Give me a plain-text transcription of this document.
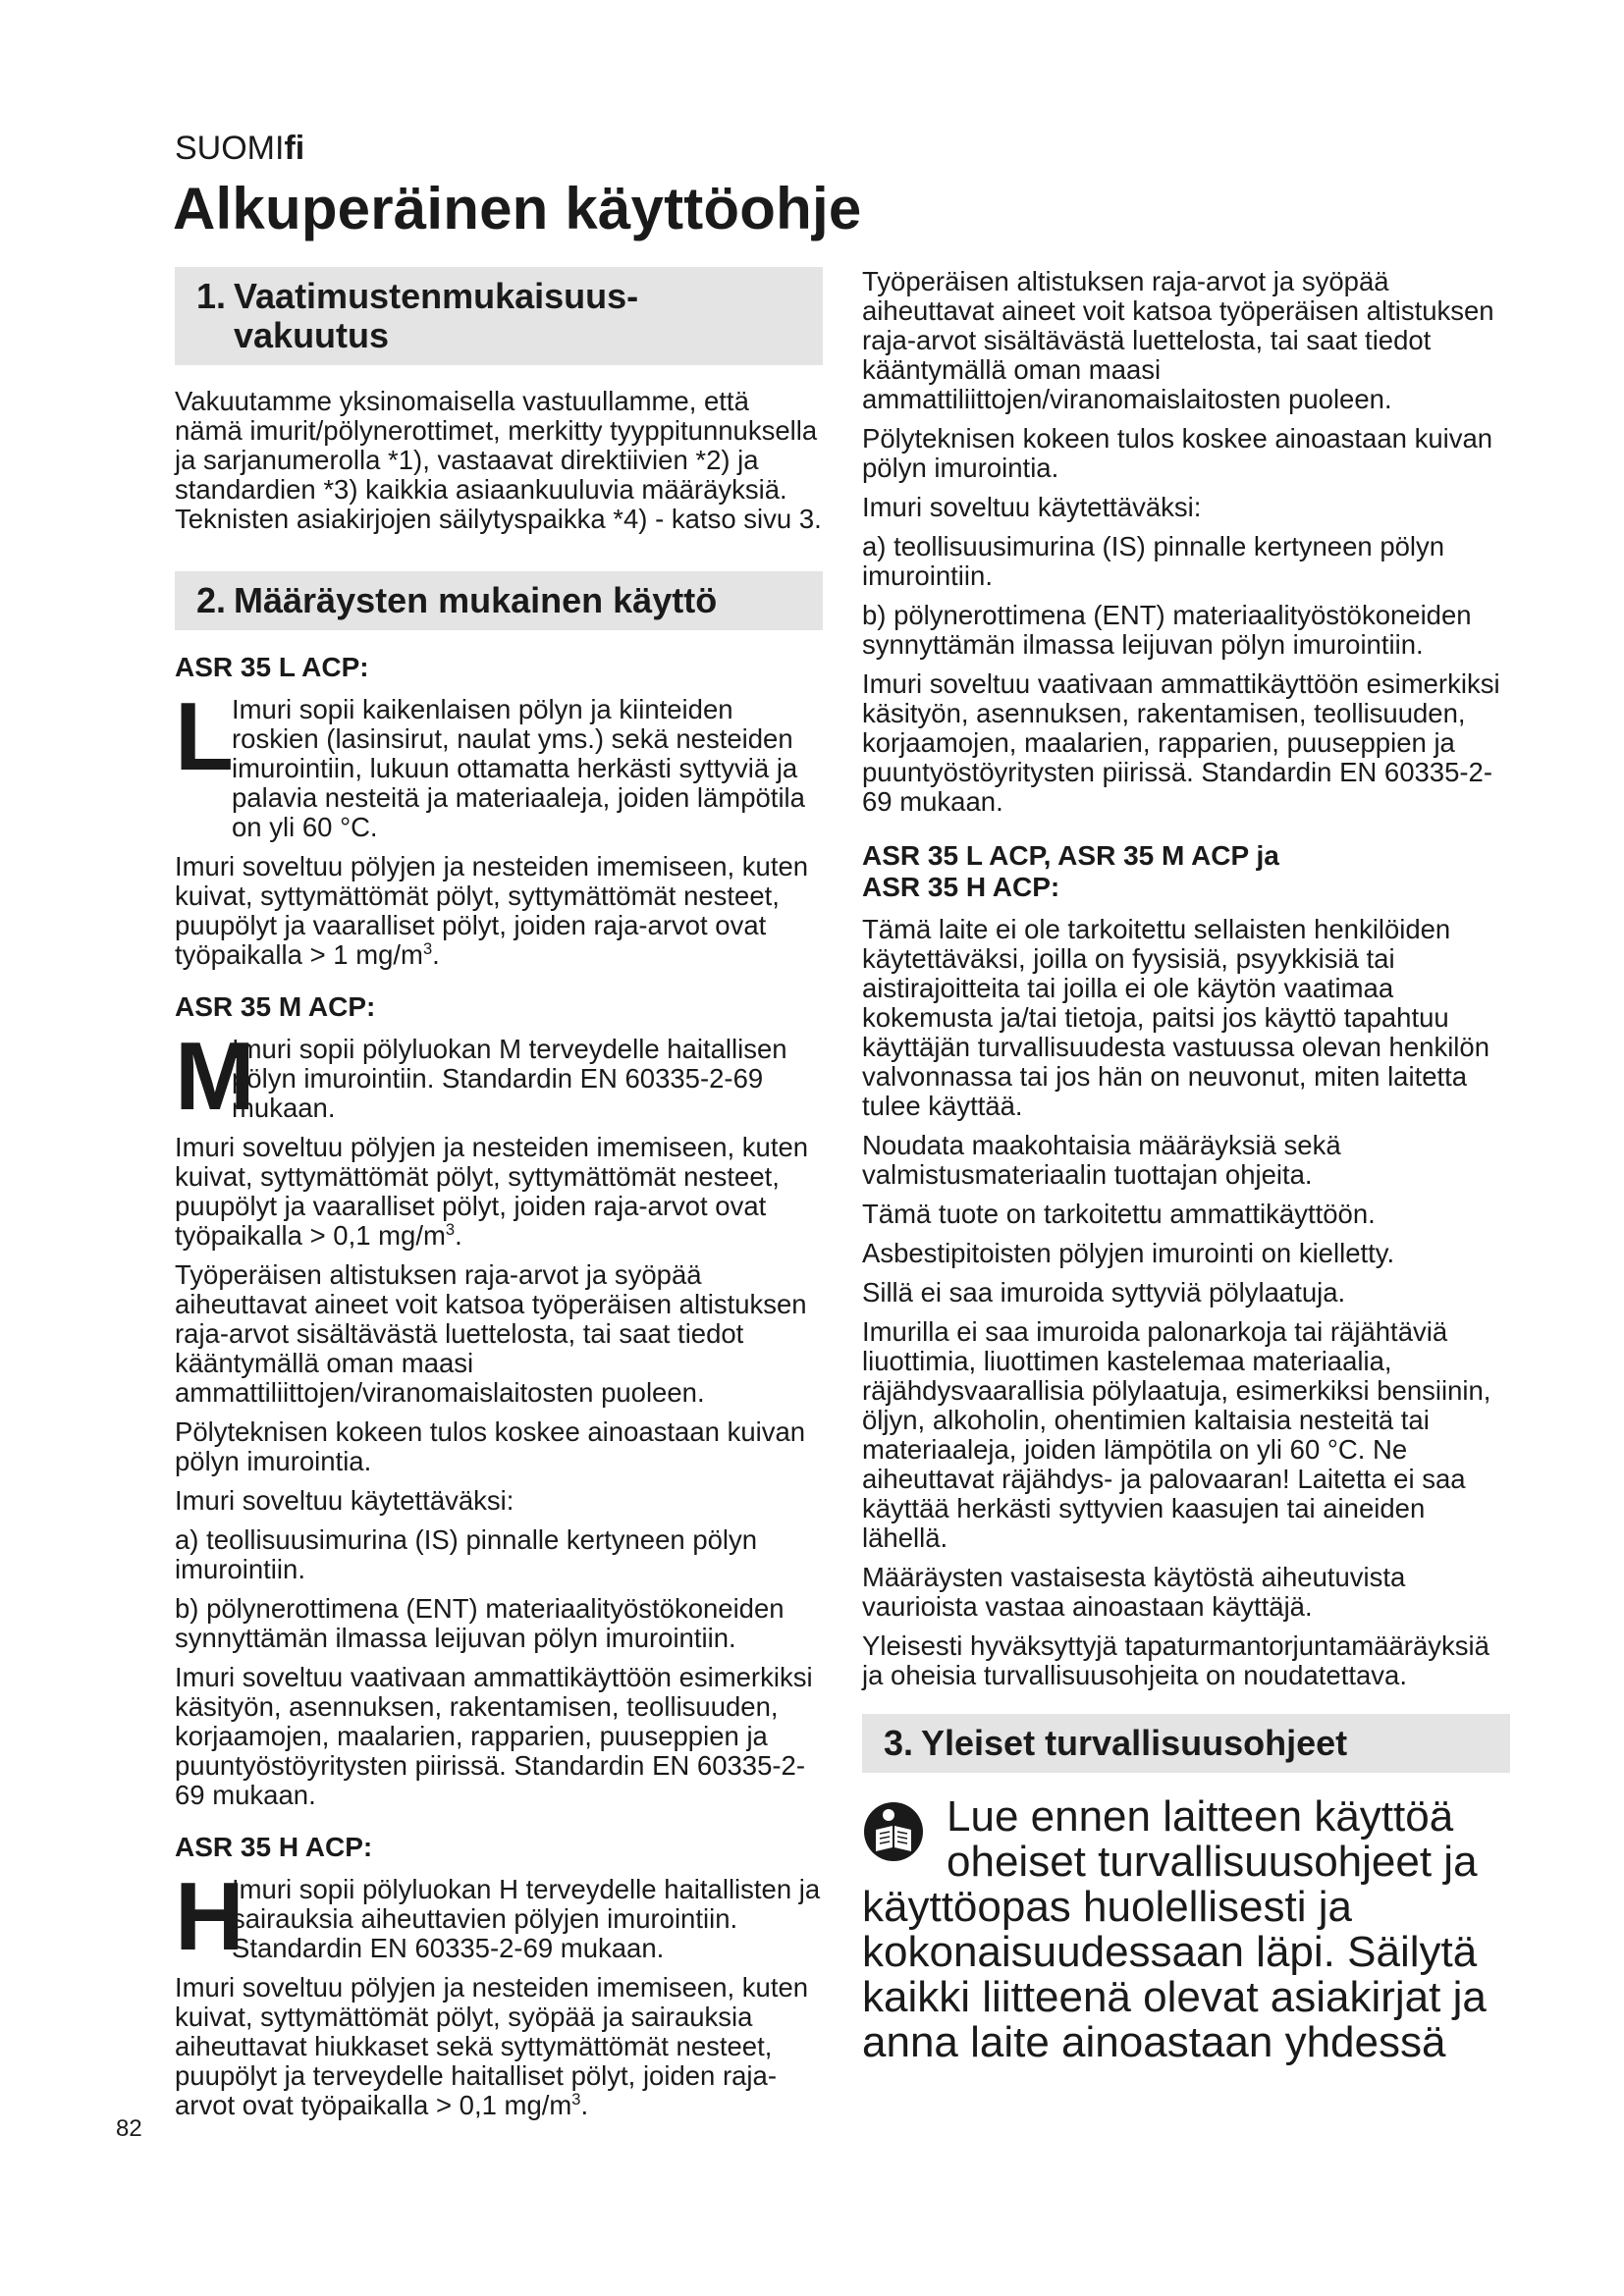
SUOMIfi
Alkuperäinen käyttöohje
1. Vaatimustenmukaisuus-
vakuutus

Vakuutamme yksinomaisella vastuullamme, että nämä imurit/pölynerottimet, merkitty tyyppitunnuksella ja sarjanumerolla *1), vastaavat direktiivien *2) ja standardien *3) kaikkia asiaankuuluvia määräyksiä. Teknisten asiakirjojen säilytyspaikka *4) - katso sivu 3.

2. Määräysten mukainen käyttö
ASR 35 L ACP:
L
Imuri sopii kaikenlaisen pölyn ja kiinteiden roskien (lasinsirut, naulat yms.) sekä nesteiden imurointiin, lukuun ottamatta herkästi syttyviä ja palavia nesteitä ja materiaaleja, joiden lämpötila on yli 60 °C.

Imuri soveltuu pölyjen ja nesteiden imemiseen, kuten kuivat, syttymättömät pölyt, syttymättömät nesteet, puupölyt ja vaaralliset pölyt, joiden raja-arvot ovat työpaikalla > 1 $mg/m^3$.

ASR 35 M ACP:
M
Imuri sopii pölyluokan M terveydelle haitallisen pölyn imurointiin. Standardin EN 60335-2-69 mukaan.

Imuri soveltuu pölyjen ja nesteiden imemiseen, kuten kuivat, syttymättömät pölyt, syttymättömät nesteet, puupölyt ja vaaralliset pölyt, joiden raja-arvot ovat työpaikalla > 0,1 $mg/m^3$.

Työperäisen altistuksen raja-arvot ja syöpää aiheuttavat aineet voit katsoa työperäisen altistuksen raja-arvot sisältävästä luettelosta, tai saat tiedot kääntymällä oman maasi ammattiliittojen/viranomaislaitosten puoleen.

Pölyteknisen kokeen tulos koskee ainoastaan kuivan pölyn imurointia.

Imuri soveltuu käytettäväksi:

a) teollisuusimurina (IS) pinnalle kertyneen pölyn imurointiin.

b) pölynerottimena (ENT) materiaalityöstökoneiden synnyttämän ilmassa leijuvan pölyn imurointiin.

Imuri soveltuu vaativaan ammattikäyttöön esimerkiksi käsityön, asennuksen, rakentamisen, teollisuuden, korjaamojen, maalarien, rapparien, puuseppien ja puuntyöstöyritysten piirissä. Standardin EN 60335-2-69 mukaan.

ASR 35 H ACP:
H
Imuri sopii pölyluokan H terveydelle haitallisten ja sairauksia aiheuttavien pölyjen imurointiin. Standardin EN 60335-2-69 mukaan.

Imuri soveltuu pölyjen ja nesteiden imemiseen, kuten kuivat, syttymättömät pölyt, syöpää ja sairauksia aiheuttavat hiukkaset sekä syttymättömät nesteet, puupölyt ja terveydelle haitalliset pölyt, joiden raja-arvot ovat työpaikalla > 0,1 $mg/m^3$.

Työperäisen altistuksen raja-arvot ja syöpää aiheuttavat aineet voit katsoa työperäisen altistuksen raja-arvot sisältävästä luettelosta, tai saat tiedot kääntymällä oman maasi ammattiliittojen/viranomaislaitosten puoleen.

Pölyteknisen kokeen tulos koskee ainoastaan kuivan pölyn imurointia.

Imuri soveltuu käytettäväksi:

a) teollisuusimurina (IS) pinnalle kertyneen pölyn imurointiin.

b) pölynerottimena (ENT) materiaalityöstökoneiden synnyttämän ilmassa leijuvan pölyn imurointiin.

Imuri soveltuu vaativaan ammattikäyttöön esimerkiksi käsityön, asennuksen, rakentamisen, teollisuuden, korjaamojen, maalarien, rapparien, puuseppien ja puuntyöstöyritysten piirissä. Standardin EN 60335-2-69 mukaan.

ASR 35 L ACP, ASR 35 M ACP ja
ASR 35 H ACP:

Tämä laite ei ole tarkoitettu sellaisten henkilöiden käytettäväksi, joilla on fyysisiä, psyykkisiä tai aistirajoitteita tai joilla ei ole käytön vaatimaa kokemusta ja/tai tietoja, paitsi jos käyttö tapahtuu käyttäjän turvallisuudesta vastuussa olevan henkilön valvonnassa tai jos hän on neuvonut, miten laitetta tulee käyttää.

Noudata maakohtaisia määräyksiä sekä valmistusmateriaalin tuottajan ohjeita.

Tämä tuote on tarkoitettu ammattikäyttöön.

Asbestipitoisten pölyjen imurointi on kielletty.

Sillä ei saa imuroida syttyviä pölylaatuja.

Imurilla ei saa imuroida palonarkoja tai räjähtäviä liuottimia, liuottimen kastelemaa materiaalia, räjähdysvaarallisia pölylaatuja, esimerkiksi bensiinin, öljyn, alkoholin, ohentimien kaltaisia nesteitä tai materiaaleja, joiden lämpötila on yli 60 °C. Ne aiheuttavat räjähdys- ja palovaaran! Laitetta ei saa käyttää herkästi syttyvien kaasujen tai aineiden lähellä.

Määräysten vastaisesta käytöstä aiheutuvista vaurioista vastaa ainoastaan käyttäjä.

Yleisesti hyväksyttyjä tapaturmantorjuntamääräyksiä ja oheisia turvallisuusohjeita on noudatettava.

3. Yleiset turvallisuusohjeet
Lue ennen laitteen käyttöä oheiset turvallisuusohjeet ja
käyttöopas huolellisesti ja kokonaisuudessaan läpi. Säilytä kaikki liitteenä olevat asiakirjat ja anna laite ainoastaan yhdessä
82
